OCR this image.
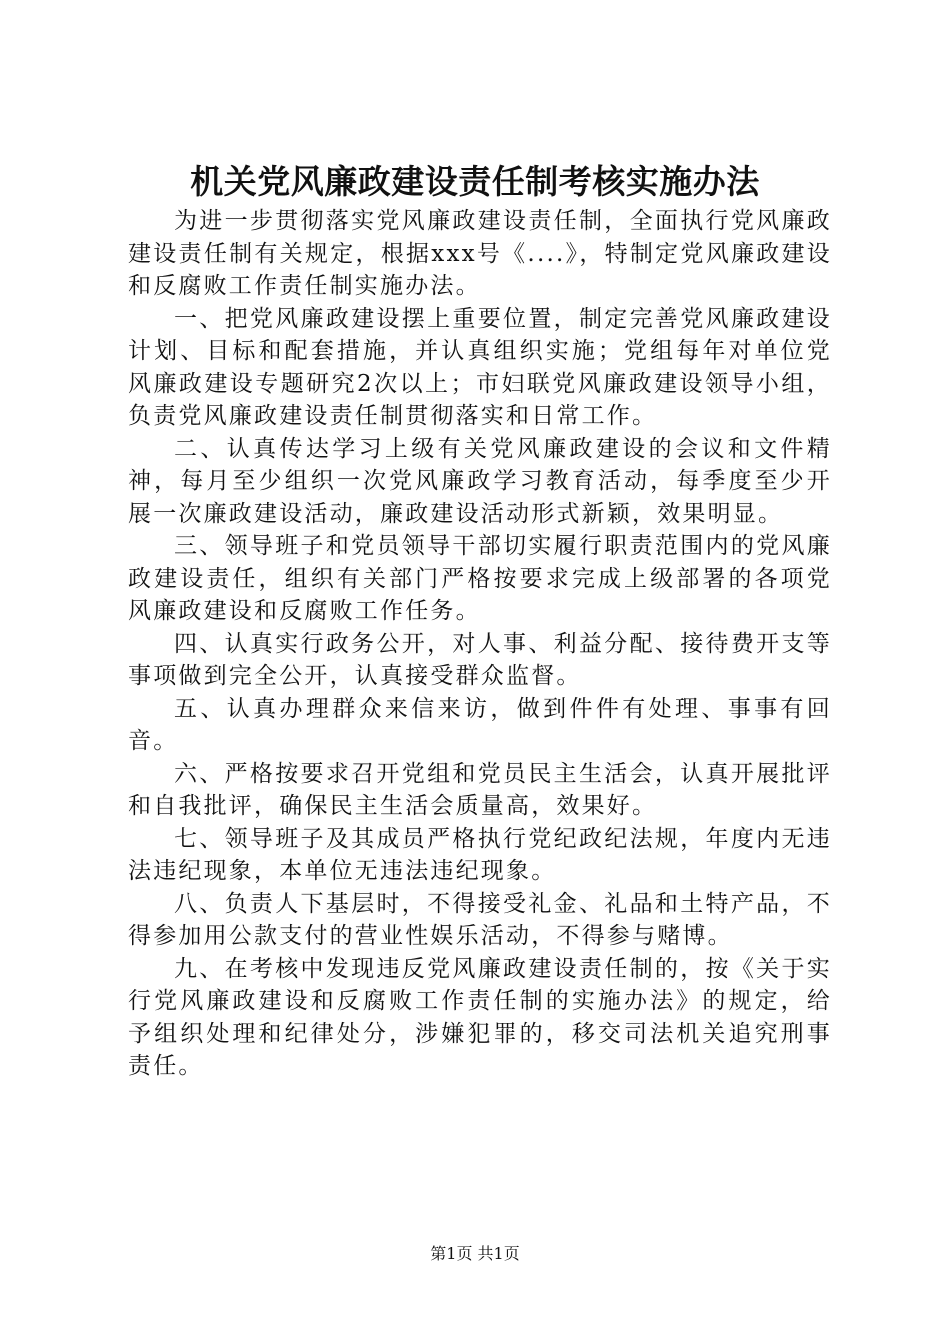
机关党风廉政建设责任制考核实施办法

为进一步贯彻落实党风廉政建设责任制，全面执行党风廉政建设责任制有关规定，根据xxx号《....》，特制定党风廉政建设和反腐败工作责任制实施办法。

一、把党风廉政建设摆上重要位置，制定完善党风廉政建设计划、目标和配套措施，并认真组织实施；党组每年对单位党风廉政建设专题研究2次以上；市妇联党风廉政建设领导小组，负责党风廉政建设责任制贯彻落实和日常工作。

二、认真传达学习上级有关党风廉政建设的会议和文件精神，每月至少组织一次党风廉政学习教育活动，每季度至少开展一次廉政建设活动，廉政建设活动形式新颖，效果明显。

三、领导班子和党员领导干部切实履行职责范围内的党风廉政建设责任，组织有关部门严格按要求完成上级部署的各项党风廉政建设和反腐败工作任务。

四、认真实行政务公开，对人事、利益分配、接待费开支等事项做到完全公开，认真接受群众监督。

五、认真办理群众来信来访，做到件件有处理、事事有回音。

六、严格按要求召开党组和党员民主生活会，认真开展批评和自我批评，确保民主生活会质量高，效果好。

七、领导班子及其成员严格执行党纪政纪法规，年度内无违法违纪现象，本单位无违法违纪现象。

八、负责人下基层时，不得接受礼金、礼品和土特产品，不得参加用公款支付的营业性娱乐活动，不得参与赌博。

九、在考核中发现违反党风廉政建设责任制的，按《关于实行党风廉政建设和反腐败工作责任制的实施办法》的规定，给予组织处理和纪律处分，涉嫌犯罪的，移交司法机关追究刑事责任。

第1页 共1页
